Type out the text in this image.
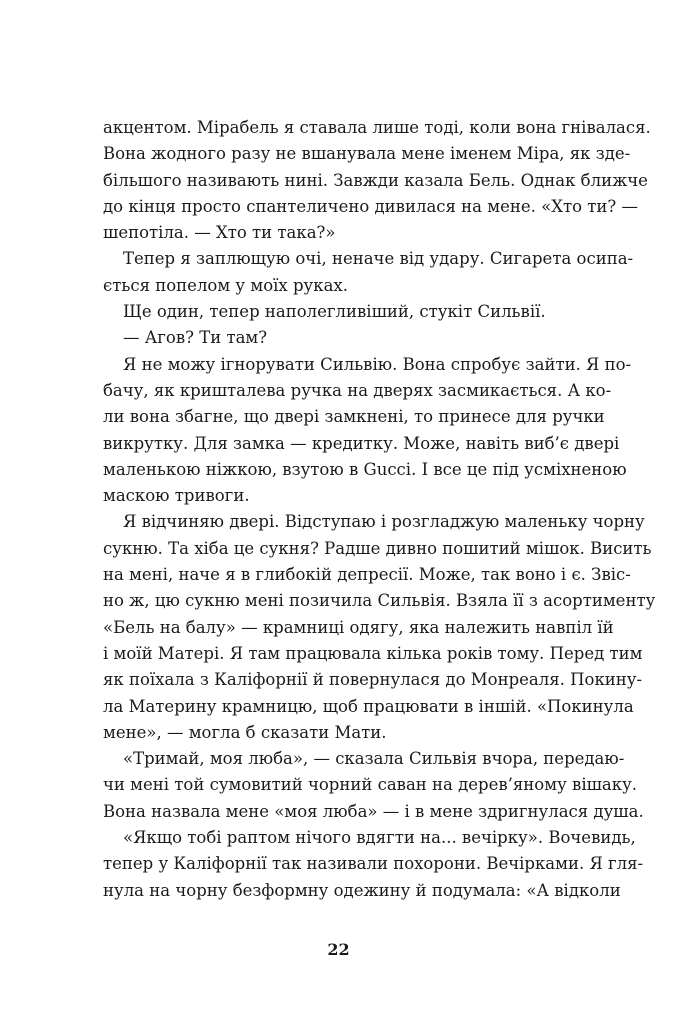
акцентом. Мірабель я ставала лише тоді, коли вона гнівалася.
Вона жодного разу не вшанувала мене іменем Міра, як зде-
більшого називають нині. Завжди казала Бель. Однак ближче
до кінця просто спантеличено дивилася на мене. «Хто ти? —
шепотіла. — Хто ти така?»
Тепер я заплющую очі, неначе від удару. Сигарета осипа-
ється попелом у моїх руках.
Ще один, тепер наполегливіший, стукіт Сильвії.
— Агов? Ти там?
Я не можу ігнорувати Сильвію. Вона спробує зайти. Я по-
бачу, як кришталева ручка на дверях засмикається. А ко-
ли вона збагне, що двері замкнені, то принесе для ручки
викрутку. Для замка — кредитку. Може, навіть виб’є двері
маленькою ніжкою, взутою в Gucci. І все це під усміхненою
маскою тривоги.
Я відчиняю двері. Відступаю і розгладжую маленьку чорну
сукню. Та хіба це сукня? Радше дивно пошитий мішок. Висить
на мені, наче я в глибокій депресії. Може, так воно і є. Звіс-
но ж, цю сукню мені позичила Сильвія. Взяла її з асортименту
«Бель на балу» — крамниці одягу, яка належить навпіл їй
і моїй Матері. Я там працювала кілька років тому. Перед тим
як поїхала з Каліфорнії й повернулася до Монреаля. Покину-
ла Материну крамницю, щоб працювати в іншій. «Покинула
мене», — могла б сказати Мати.
«Тримай, моя люба», — сказала Сильвія вчора, передаю-
чи мені той сумовитий чорний саван на дерев’яному вішаку.
Вона назвала мене «моя люба» — і в мене здригнулася душа.
«Якщо тобі раптом нічого вдягти на... вечірку». Вочевидь,
тепер у Каліфорнії так називали похорони. Вечірками. Я гля-
нула на чорну безформну одежину й подумала: «А відколи
22
